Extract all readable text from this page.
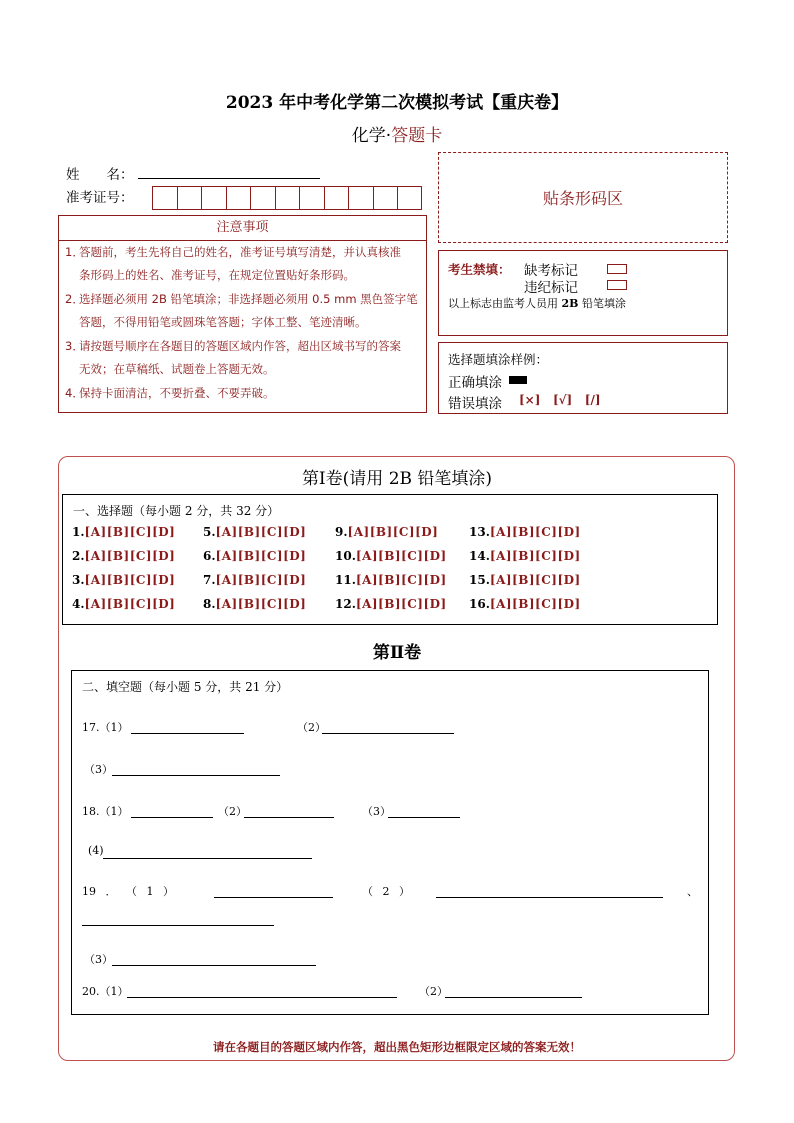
2023 年中考化学第二次模拟考试【重庆卷】
化学·答题卡
姓　　名：
准考证号：	贴条形码区
注意事项
1．答题前，考生先将自己的姓名，准考证号填写清楚，并认真核准
条形码上的姓名、准考证号，在规定位置贴好条形码。
2．选择题必须用 2B 铅笔填涂；非选择题必须用 0.5 mm 黑色签字笔
答题，不得用铅笔或圆珠笔答题；字体工整、笔迹清晰。
3．请按题号顺序在各题目的答题区域内作答，超出区域书写的答案
无效；在草稿纸、试题卷上答题无效。
4．保持卡面清洁，不要折叠、不要弄破。
考生禁填： 缺考标记
违纪标记
以上标志由监考人员用 2B 铅笔填涂
选择题填涂样例：
正确填涂
错误填涂 [×] [√] [/]
第Ⅰ卷(请用 2B 铅笔填涂)
一、选择题（每小题 2 分，共 32 分）
1.[A][B][C][D] 5.[A][B][C][D] 9.[A][B][C][D]	13.[A][B][C][D]
2.[A][B][C][D] 6.[A][B][C][D] 10.[A][B][C][D] 14.[A][B][C][D]
3.[A][B][C][D] 7.[A][B][C][D] 11.[A][B][C][D] 15.[A][B][C][D]
4.[A][B][C][D] 8.[A][B][C][D] 12.[A][B][C][D] 16.[A][B][C][D]
第Ⅱ卷
二、填空题（每小题 5 分，共 21 分）
17.（1）	（2）
（3）
18.（1）	（2）	（3）
(4)
19 ． （ 1 ）	（ 2 ）	、
（3）
20.（1）	（2）
请在各题目的答题区域内作答，超出黑色矩形边框限定区域的答案无效！
